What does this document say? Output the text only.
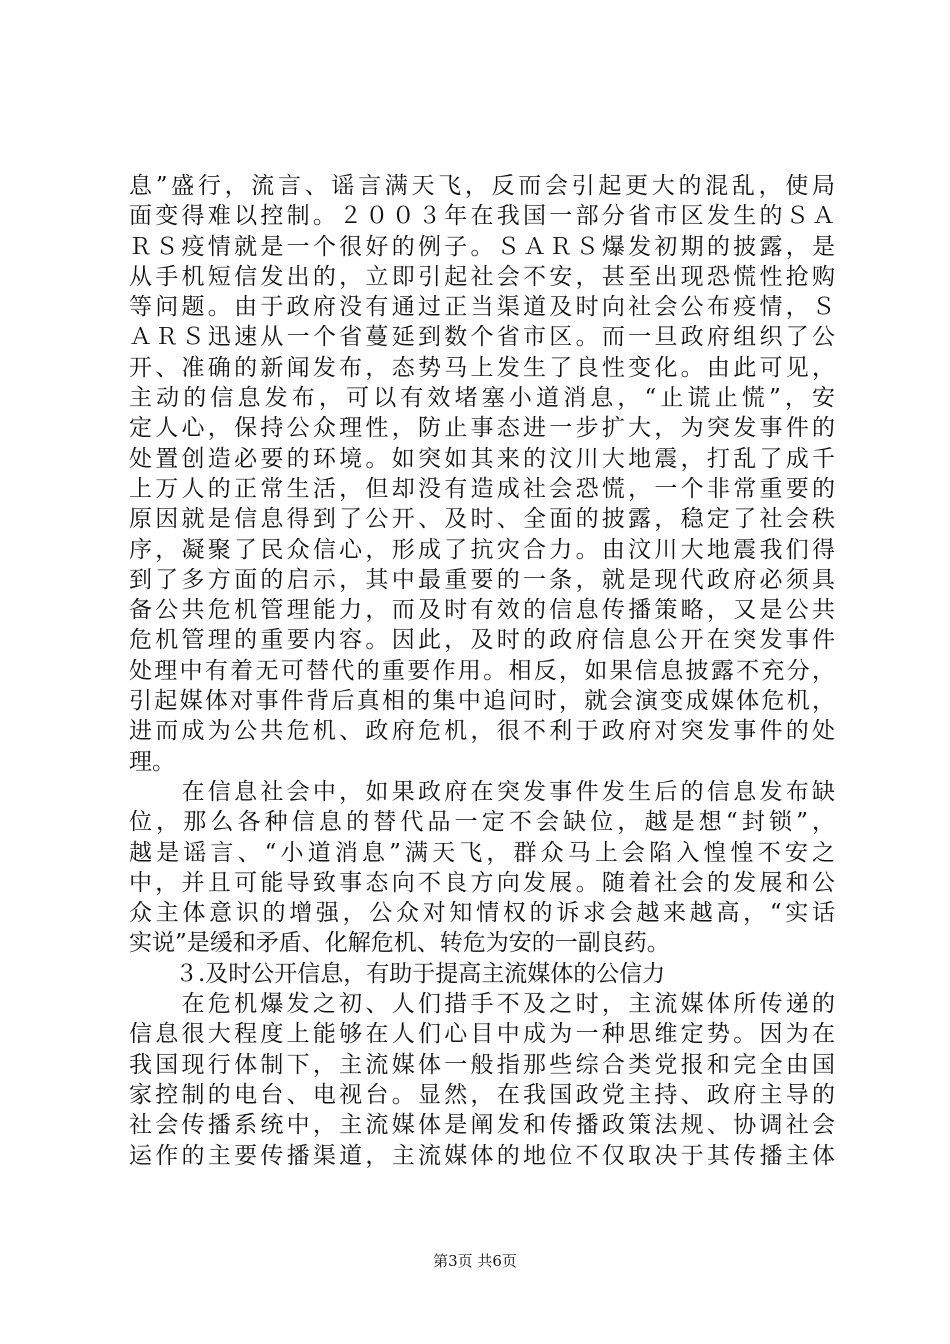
息”盛行，流言、谣言满天飞，反而会引起更大的混乱，使局
面变得难以控制。２００３年在我国一部分省市区发生的ＳＡ
ＲＳ疫情就是一个很好的例子。ＳＡＲＳ爆发初期的披露，是
从手机短信发出的，立即引起社会不安，甚至出现恐慌性抢购
等问题。由于政府没有通过正当渠道及时向社会公布疫情，Ｓ
ＡＲＳ迅速从一个省蔓延到数个省市区。而一旦政府组织了公
开、准确的新闻发布，态势马上发生了良性变化。由此可见，
主动的信息发布，可以有效堵塞小道消息，“止谎止慌”，安
定人心，保持公众理性，防止事态进一步扩大，为突发事件的
处置创造必要的环境。如突如其来的汶川大地震，打乱了成千
上万人的正常生活，但却没有造成社会恐慌，一个非常重要的
原因就是信息得到了公开、及时、全面的披露，稳定了社会秩
序，凝聚了民众信心，形成了抗灾合力。由汶川大地震我们得
到了多方面的启示，其中最重要的一条，就是现代政府必须具
备公共危机管理能力，而及时有效的信息传播策略，又是公共
危机管理的重要内容。因此，及时的政府信息公开在突发事件
处理中有着无可替代的重要作用。相反，如果信息披露不充分，
引起媒体对事件背后真相的集中追问时，就会演变成媒体危机，
进而成为公共危机、政府危机，很不利于政府对突发事件的处
理。
　　在信息社会中，如果政府在突发事件发生后的信息发布缺
位，那么各种信息的替代品一定不会缺位，越是想“封锁”，
越是谣言、“小道消息”满天飞，群众马上会陷入惶惶不安之
中，并且可能导致事态向不良方向发展。随着社会的发展和公
众主体意识的增强，公众对知情权的诉求会越来越高，“实话
实说”是缓和矛盾、化解危机、转危为安的一副良药。
　　３.及时公开信息，有助于提高主流媒体的公信力
　　在危机爆发之初、人们措手不及之时，主流媒体所传递的
信息很大程度上能够在人们心目中成为一种思维定势。因为在
我国现行体制下，主流媒体一般指那些综合类党报和完全由国
家控制的电台、电视台。显然，在我国政党主持、政府主导的
社会传播系统中，主流媒体是阐发和传播政策法规、协调社会
运作的主要传播渠道，主流媒体的地位不仅取决于其传播主体
第3页 共6页
